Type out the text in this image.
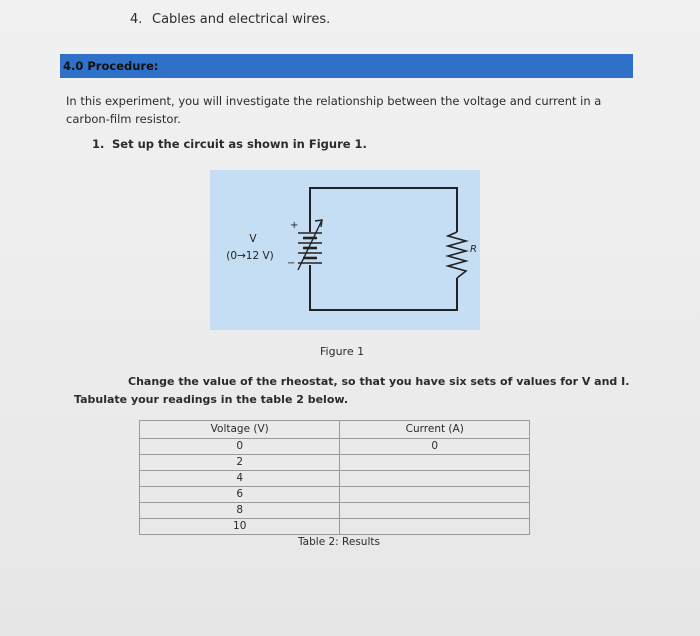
4. Cables and electrical wires.
4.0 Procedure:
In this experiment, you will investigate the relationship between the voltage and current in a
carbon-film resistor.
1. Set up the circuit as shown in Figure 1.
+
−
V
(0→12 V)
R
Figure 1
Change the value of the rheostat, so that you have six sets of values for V and I.
Tabulate your readings in the table 2 below.
Voltage (V)	Current (A)
0	0
2	
4	
6	
8	
10	
Table 2: Results
